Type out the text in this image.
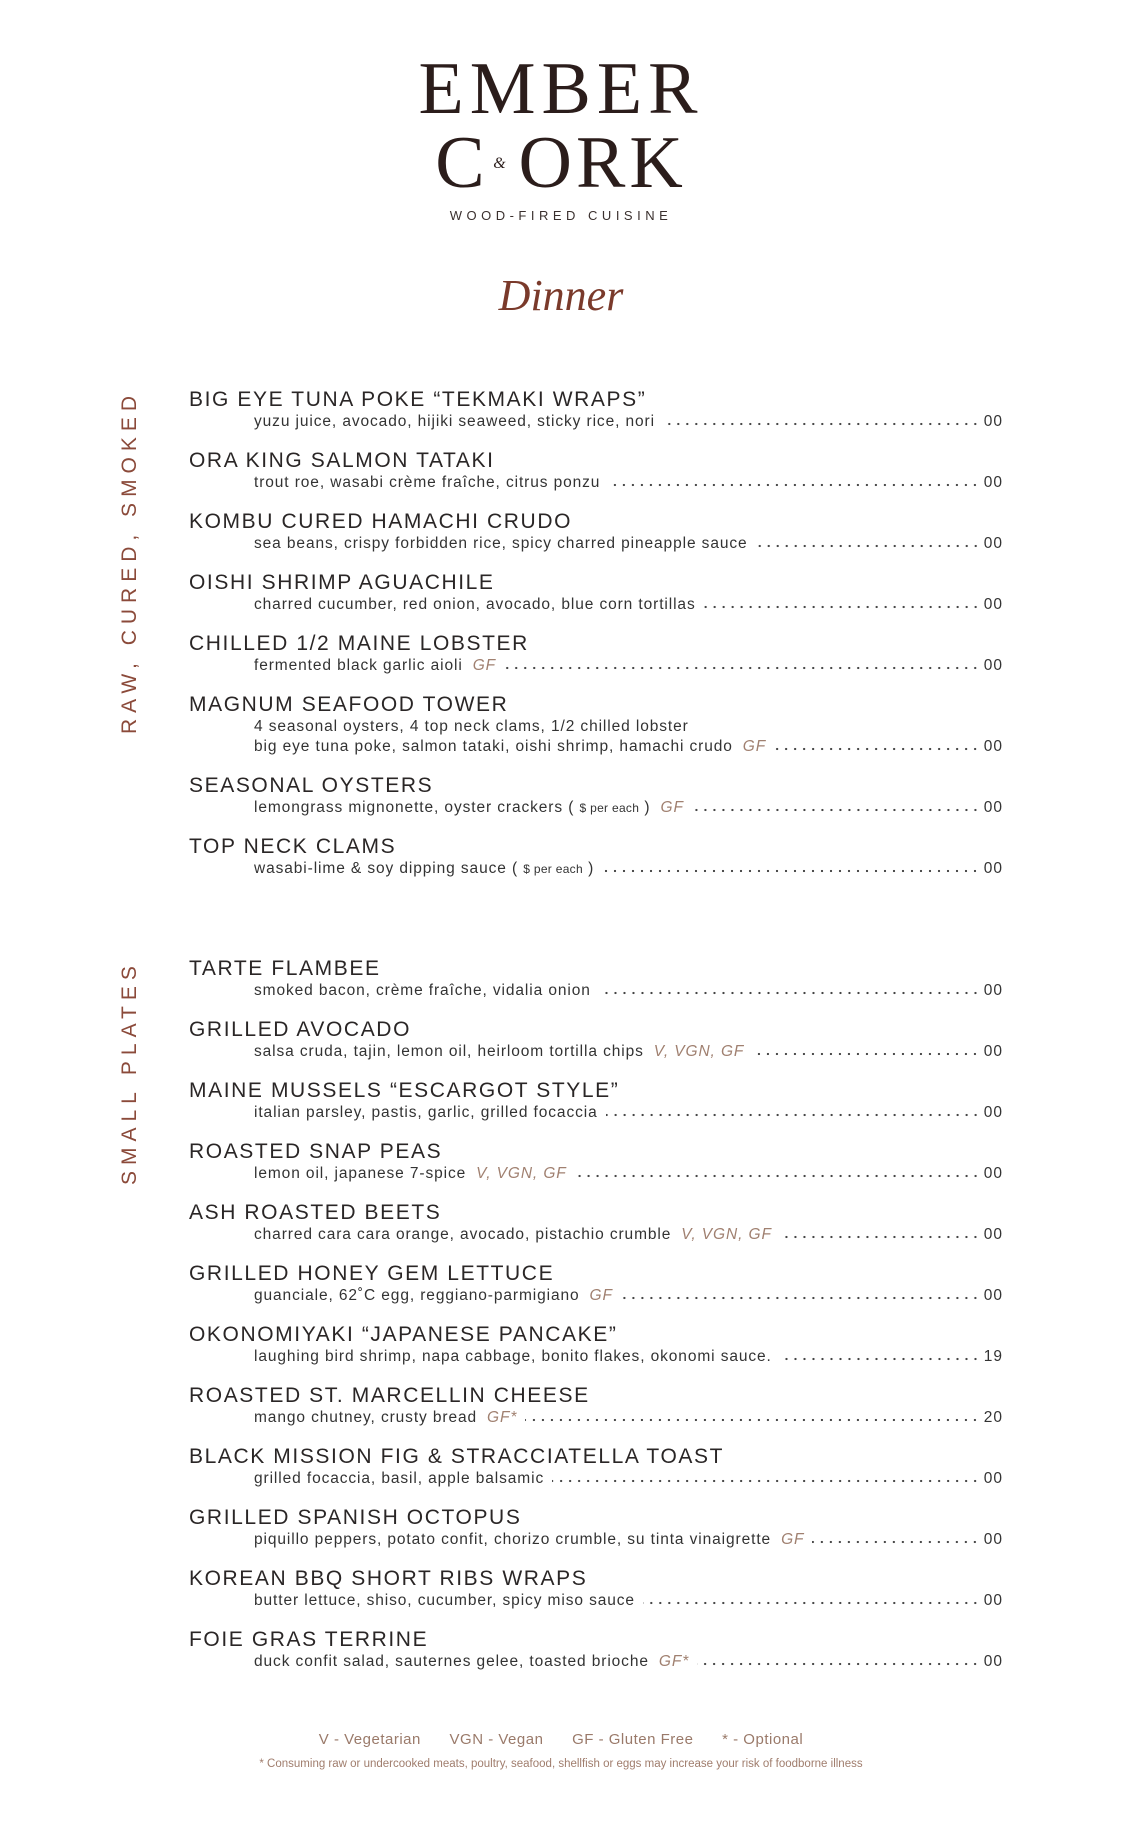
EMBER
CORK
&
WOOD-FIRED CUISINE
Dinner
RAW, CURED, SMOKED BIG EYE TUNA POKE “TEKMAKI WRAPS”
yuzu juice, avocado, hijiki seaweed, sticky rice, nori	00
ORA KING SALMON TATAKI
trout roe, wasabi crème fraîche, citrus ponzu	00
KOMBU CURED HAMACHI CRUDO
sea beans, crispy forbidden rice, spicy charred pineapple sauce	00
OISHI SHRIMP AGUACHILE
charred cucumber, red onion, avocado, blue corn tortillas	00
CHILLED 1/2 MAINE LOBSTER
fermented black garlic aioli GF	00
MAGNUM SEAFOOD TOWER
4 seasonal oysters, 4 top neck clams, 1/2 chilled lobster
big eye tuna poke, salmon tataki, oishi shrimp, hamachi crudo GF	00
SEASONAL OYSTERS
lemongrass mignonette, oyster crackers ( $ per each ) GF	00
TOP NECK CLAMS
wasabi-lime & soy dipping sauce ( $ per each )	00
SMALL PLATES TARTE FLAMBEE
smoked bacon, crème fraîche, vidalia onion	00
GRILLED AVOCADO
salsa cruda, tajin, lemon oil, heirloom tortilla chips V, VGN, GF	00
MAINE MUSSELS “ESCARGOT STYLE”
italian parsley, pastis, garlic, grilled focaccia	00
ROASTED SNAP PEAS
lemon oil, japanese 7-spice V, VGN, GF	00
ASH ROASTED BEETS
charred cara cara orange, avocado, pistachio crumble V, VGN, GF	00
GRILLED HONEY GEM LETTUCE
guanciale, 62˚C egg, reggiano-parmigiano GF	00
OKONOMIYAKI “JAPANESE PANCAKE”
laughing bird shrimp, napa cabbage, bonito flakes, okonomi sauce.	19
ROASTED ST. MARCELLIN CHEESE
mango chutney, crusty bread GF*	20
BLACK MISSION FIG & STRACCIATELLA TOAST
grilled focaccia, basil, apple balsamic	00
GRILLED SPANISH OCTOPUS
piquillo peppers, potato confit, chorizo crumble, su tinta vinaigrette GF	00
KOREAN BBQ SHORT RIBS WRAPS
butter lettuce, shiso, cucumber, spicy miso sauce	00
FOIE GRAS TERRINE
duck confit salad, sauternes gelee, toasted brioche GF*	00
V - Vegetarian VGN - Vegan GF - Gluten Free * - Optional
* Consuming raw or undercooked meats, poultry, seafood, shellfish or eggs may increase your risk of foodborne illness
